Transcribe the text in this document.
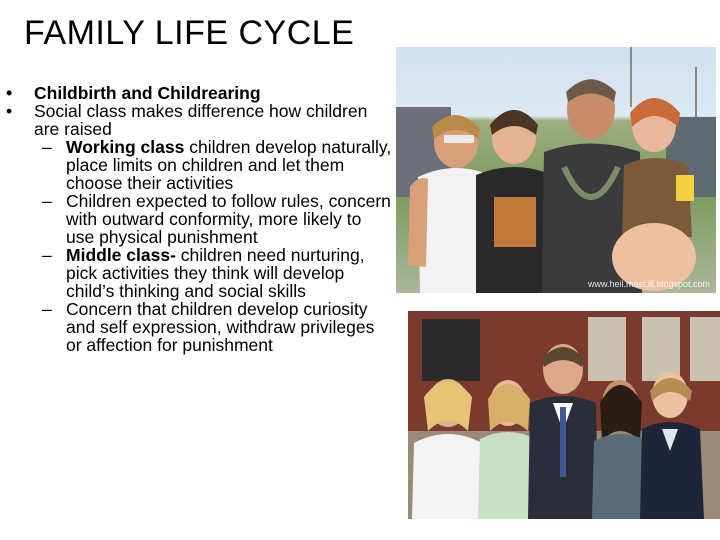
FAMILY LIFE CYCLE

• Childbirth and Childrearing

• Social class makes difference how children are raised

– Working class children develop naturally, place limits on children and let them choose their activities

– Children expected to follow rules, concern with outward conformity, more likely to use physical punishment

– Middle class- children need nurturing, pick activities they think will develop child’s thinking and social skills

– Concern that children develop curiosity and self expression, withdraw privileges or affection for punishment

www.heil.mast.ill.blogspot.com
